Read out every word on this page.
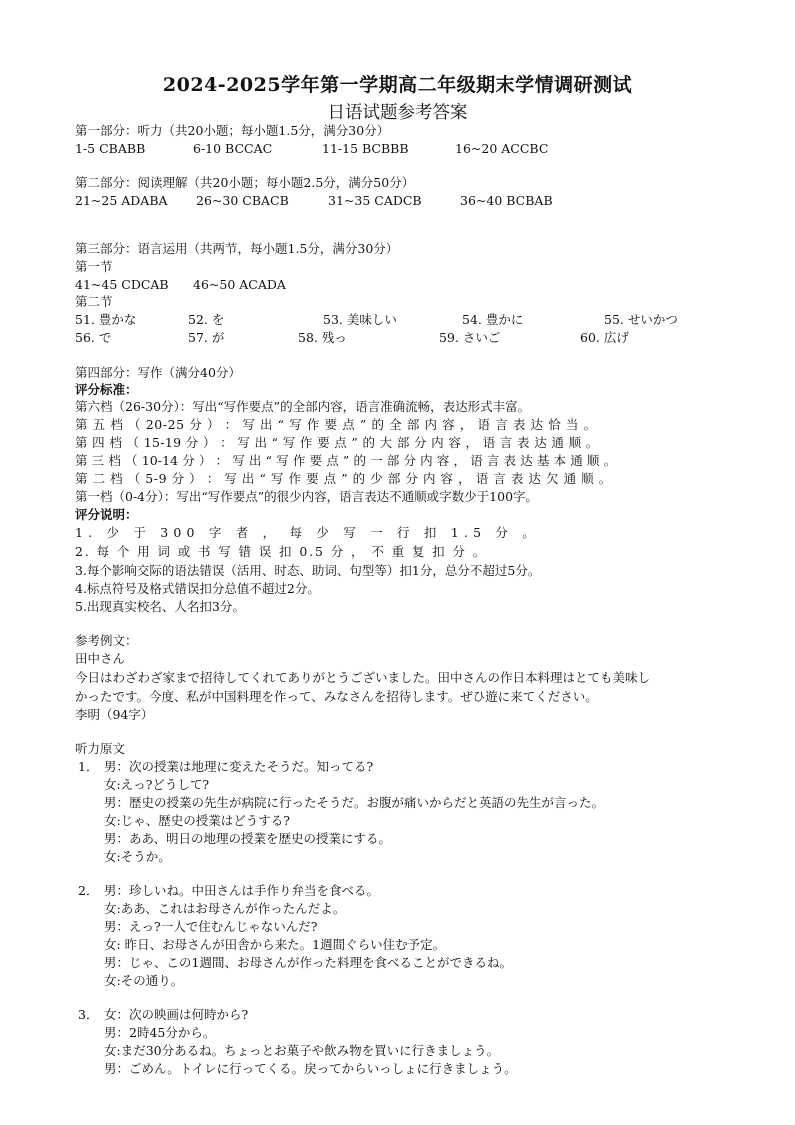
2024-2025学年第一学期高二年级期末学情调研测试
日语试题参考答案
第一部分：听力（共20小题；每小题1.5分，满分30分）
1-5 CBABB	6-10 BCCAC	11-15 BCBBB	16~20 ACCBC
第二部分：阅读理解（共20小题；每小题2.5分，满分50分）
21~25 ADABA 26~30 CBACB	31~35 CADCB	36~40 BCBAB
第三部分：语言运用（共两节，每小题1.5分，满分30分）
第一节
41~45 CDCAB 46~50 ACADA
第二节
51. 豊かな	52. を	53. 美味しい	54. 豊かに	55. せいかつ
56. で	57. が	58. 残っ	59. さいご	60. 広げ
第四部分：写作（满分40分）
评分标准：
第六档（26-30分）：写出“写作要点”的全部内容，语言准确流畅，表达形式丰富。
第 五 档 （ 20-25 分 ） ： 写 出 “ 写 作 要 点 ” 的 全 部 内 容 ， 语 言 表 达 恰 当 。
第 四 档 （ 15-19 分 ） ： 写 出 “ 写 作 要 点 ” 的 大 部 分 内 容 ， 语 言 表 达 通 顺 。
第 三 档 （ 10-14 分 ） ： 写 出 “ 写 作 要 点 ” 的 一 部 分 内 容 ， 语 言 表 达 基 本 通 顺 。
第 二 档 （ 5-9 分 ） ： 写 出 “ 写 作 要 点 ” 的 少 部 分 内 容 ， 语 言 表 达 欠 通 顺 。
第一档（0-4分）：写出“写作要点”的很少内容，语言表达不通顺或字数少于100字。
评分说明：
1. 少 于 300 字 者 ， 每 少 写 一 行 扣 1.5 分 。
2. 每 个 用 词 或 书 写 错 误 扣 0.5 分 ， 不 重 复 扣 分 。
3.每个影响交际的语法错误（活用、时态、助词、句型等）扣1分，总分不超过5分。
4.标点符号及格式错误扣分总值不超过2分。
5.出现真实校名、人名扣3分。
参考例文：
田中さん
今日はわざわざ家まで招待してくれてありがとうございました。田中さんの作日本料理はとても美味し
かったです。今度、私が中国料理を作って、みなさんを招待します。ぜひ遊に来てください。
李明（94字）
听力原文
1． 男：次の授業は地理に変えたそうだ。知ってる?
女:えっ?どうして?
男：歴史の授業の先生が病院に行ったそうだ。お腹が痛いからだと英語の先生が言った。
女:じゃ、歴史の授業はどうする?
男：ああ、明日の地理の授業を歴史の授業にする。
女:そうか。
2． 男：珍しいね。中田さんは手作り弁当を食べる。
女:ああ、これはお母さんが作ったんだよ。
男：えっ?一人で住むんじゃないんだ?
女: 昨日、お母さんが田舎から来た。1週間ぐらい住む予定。
男：じゃ、この1週間、お母さんが作った料理を食べることができるね。
女:その通り。
3． 女：次の映画は何時から?
男：2時45分から。
女:まだ30分あるね。ちょっとお菓子や飲み物を買いに行きましょう。
男：ごめん。トイレに行ってくる。戻ってからいっしょに行きましょう。
